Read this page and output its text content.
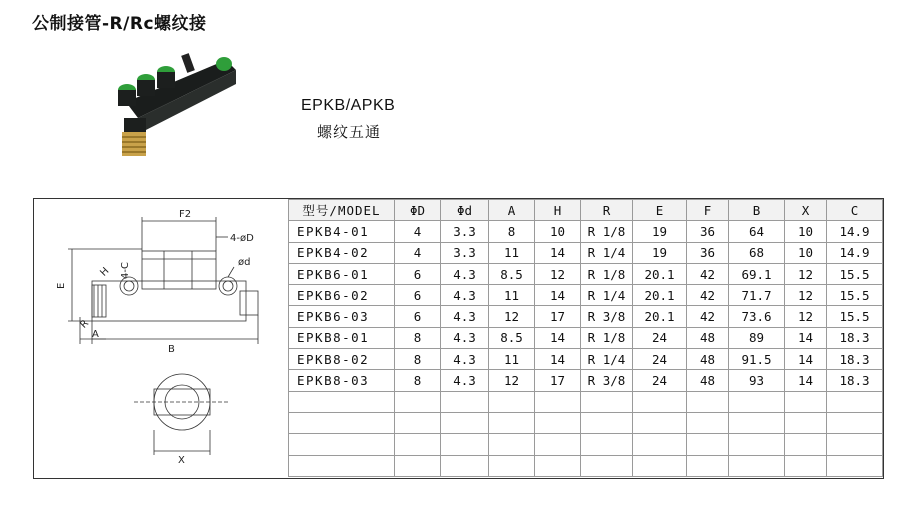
公制接管-R/Rc螺纹接
EPKB/APKB
螺纹五通
F2
4-øD
ød
E
H 4-C
R
A
B
X
型号/MODEL	ΦD	Φd	A	H	R	E	F	B	X	C
EPKB4-01	4	3.3	8	10	R 1/8	19	36	64	10	14.9
EPKB4-02	4	3.3	11	14	R 1/4	19	36	68	10	14.9
EPKB6-01	6	4.3	8.5	12	R 1/8	20.1	42	69.1	12	15.5
EPKB6-02	6	4.3	11	14	R 1/4	20.1	42	71.7	12	15.5
EPKB6-03	6	4.3	12	17	R 3/8	20.1	42	73.6	12	15.5
EPKB8-01	8	4.3	8.5	14	R 1/8	24	48	89	14	18.3
EPKB8-02	8	4.3	11	14	R 1/4	24	48	91.5	14	18.3
EPKB8-03	8	4.3	12	17	R 3/8	24	48	93	14	18.3
